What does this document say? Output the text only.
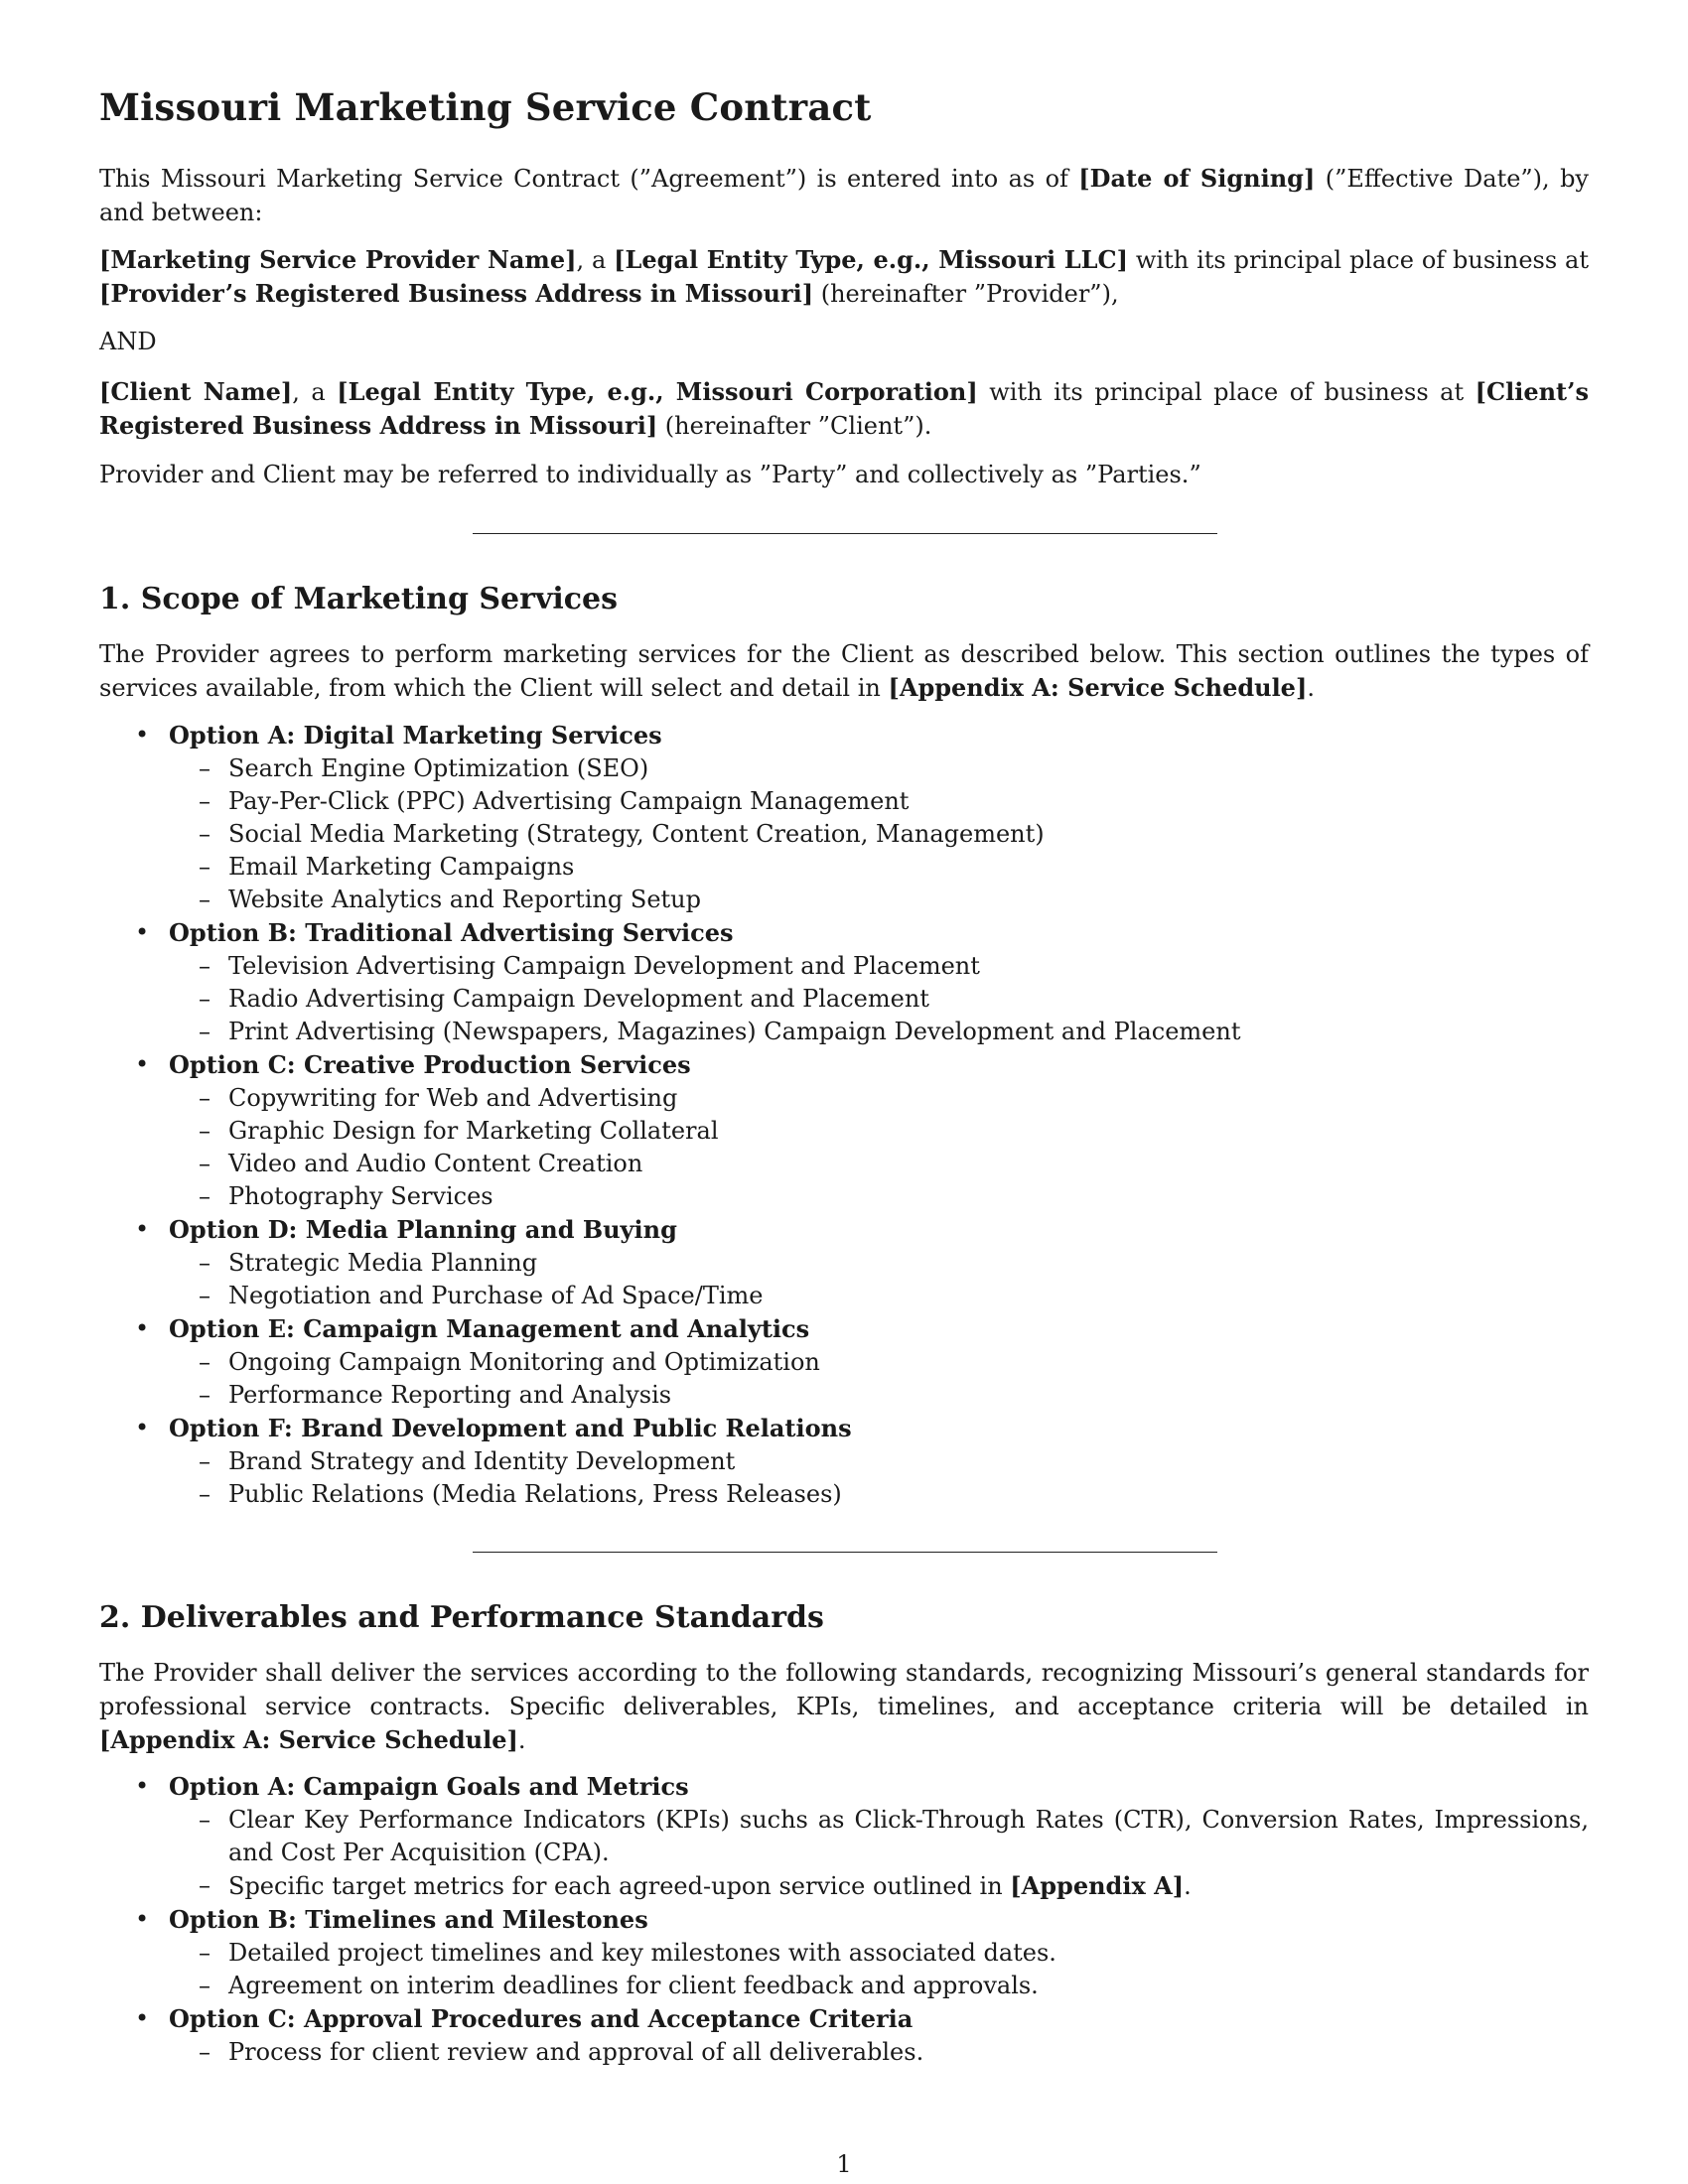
Missouri Marketing Service Contract

This Missouri Marketing Service Contract (”Agreement”) is entered into as of [Date of Signing] (”Effective Date”), by and between:

[Marketing Service Provider Name], a [Legal Entity Type, e.g., Missouri LLC] with its principal place of business at [Provider’s Registered Business Address in Missouri] (hereinafter ”Provider”),

AND

[Client Name], a [Legal Entity Type, e.g., Missouri Corporation] with its principal place of business at [Client’s Registered Business Address in Missouri] (hereinafter ”Client”).

Provider and Client may be referred to individually as ”Party” and collectively as ”Parties.”

1. Scope of Marketing Services

The Provider agrees to perform marketing services for the Client as described below. This section outlines the types of services available, from which the Client will select and detail in [Appendix A: Service Schedule].

• Option A: Digital Marketing Services
– Search Engine Optimization (SEO)
– Pay-Per-Click (PPC) Advertising Campaign Management
– Social Media Marketing (Strategy, Content Creation, Management)
– Email Marketing Campaigns
– Website Analytics and Reporting Setup
• Option B: Traditional Advertising Services
– Television Advertising Campaign Development and Placement
– Radio Advertising Campaign Development and Placement
– Print Advertising (Newspapers, Magazines) Campaign Development and Placement
• Option C: Creative Production Services
– Copywriting for Web and Advertising
– Graphic Design for Marketing Collateral
– Video and Audio Content Creation
– Photography Services
• Option D: Media Planning and Buying
– Strategic Media Planning
– Negotiation and Purchase of Ad Space/Time
• Option E: Campaign Management and Analytics
– Ongoing Campaign Monitoring and Optimization
– Performance Reporting and Analysis
• Option F: Brand Development and Public Relations
– Brand Strategy and Identity Development
– Public Relations (Media Relations, Press Releases)
2. Deliverables and Performance Standards

The Provider shall deliver the services according to the following standards, recognizing Missouri’s general standards for professional service contracts. Specific deliverables, KPIs, timelines, and acceptance criteria will be detailed in [Appendix A: Service Schedule].

• Option A: Campaign Goals and Metrics
– Clear Key Performance Indicators (KPIs) suchs as Click-Through Rates (CTR), Conversion Rates, Impressions, and Cost Per Acquisition (CPA).
– Specific target metrics for each agreed-upon service outlined in [Appendix A].
• Option B: Timelines and Milestones
– Detailed project timelines and key milestones with associated dates.
– Agreement on interim deadlines for client feedback and approvals.
• Option C: Approval Procedures and Acceptance Criteria
– Process for client review and approval of all deliverables.
1
